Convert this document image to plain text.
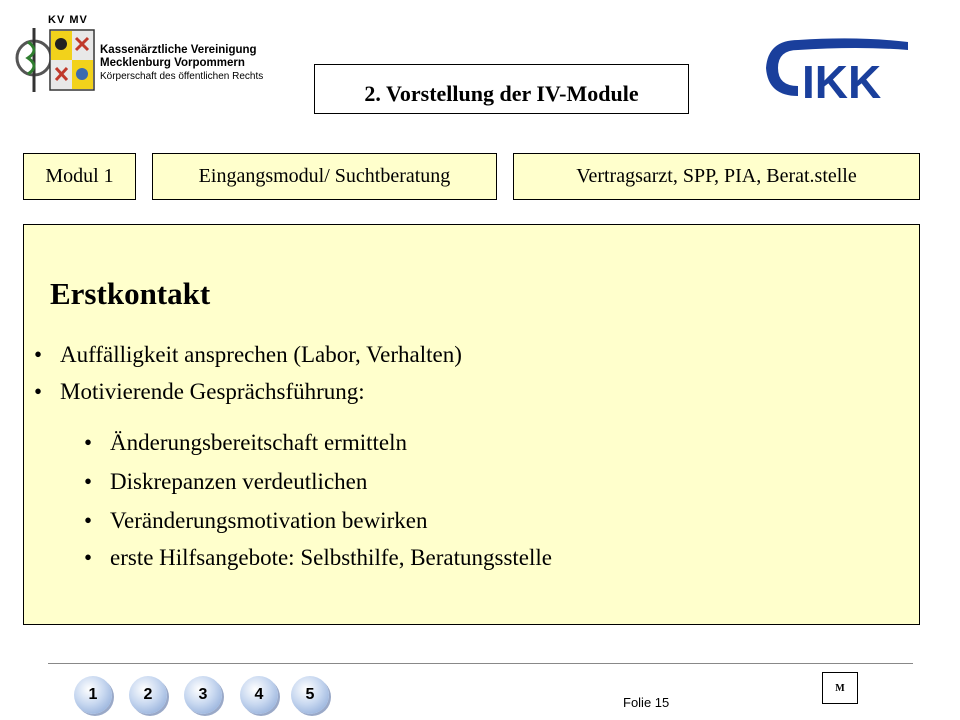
KV MV
Kassenärztliche Vereinigung
Mecklenburg Vorpommern
Körperschaft des öffentlichen Rechts	IKK
2. Vorstellung der IV-Module
Modul 1	Eingangsmodul/ Suchtberatung	Vertragsarzt, SPP, PIA, Berat.stelle
Erstkontakt
• Auffälligkeit ansprechen (Labor, Verhalten)
• Motivierende Gesprächsführung:
• Änderungsbereitschaft ermitteln
• Diskrepanzen verdeutlichen
• Veränderungsmotivation bewirken
• erste Hilfsangebote: Selbsthilfe, Beratungsstelle
1	2	3	4	5	Folie 15
M
